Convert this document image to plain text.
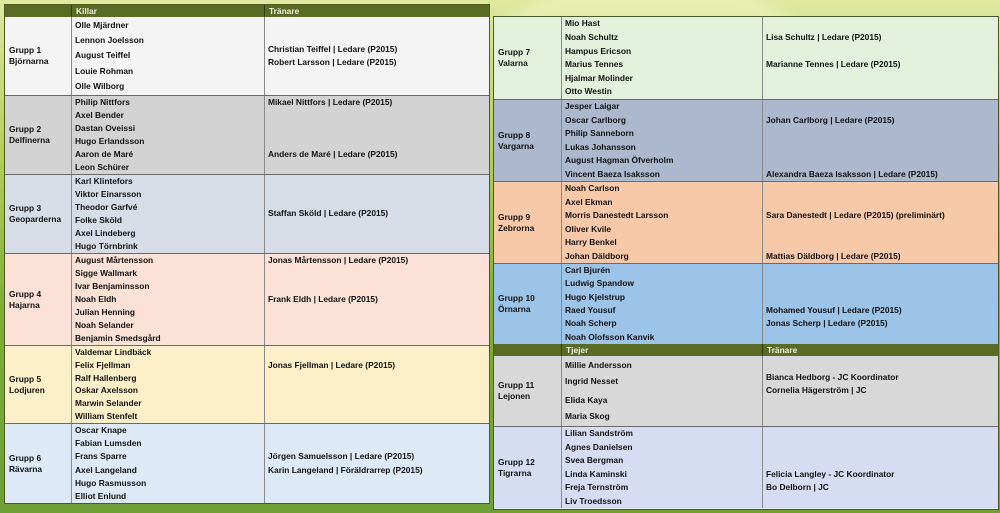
Killar	Tränare
Grupp 1
Björnarna
Olle Mjärdner
Lennon Joelsson
August Teiffel
Louie Rohman
Olle Wilborg
Christian Teiffel | Ledare (P2015)
Robert Larsson | Ledare (P2015)
Grupp 2
Delfinerna
Philip Nittfors
Axel Bender
Dastan Oveissi
Hugo Erlandsson
Aaron de Maré
Leon Schürer
Mikael Nittfors | Ledare (P2015)

Anders de Maré | Ledare (P2015)

Grupp 3
Geoparderna
Karl Klintefors
Viktor Einarsson
Theodor Garfvé
Folke Sköld
Axel Lindeberg
Hugo Törnbrink
Staffan Sköld | Ledare (P2015)
Grupp 4
Hajarna
August Mårtensson
Sigge Wallmark
Ivar Benjaminsson
Noah Eldh
Julian Henning
Noah Selander
Benjamin Smedsgård
Jonas Mårtensson | Ledare (P2015)

Frank Eldh | Ledare (P2015)

Grupp 5
Lodjuren
Valdemar Lindbäck
Felix Fjellman
Ralf Hallenberg
Oskar Axelsson
Marwin Selander
William Stenfelt

Jonas Fjellman | Ledare (P2015)

Grupp 6
Rävarna
Oscar Knape
Fabian Lumsden
Frans Sparre
Axel Langeland
Hugo Rasmusson
Elliot Enlund
Jörgen Samuelsson | Ledare (P2015)
Karin Langeland | Föräldrarrep (P2015)
Grupp 7
Valarna
Mio Hast
Noah Schultz
Hampus Ericson
Marius Tennes
Hjalmar Molinder
Otto Westin

Lisa Schultz | Ledare (P2015)

Marianne Tennes | Ledare (P2015)

Grupp 8
Vargarna
Jesper Laigar
Oscar Carlborg
Philip Sanneborn
Lukas Johansson
August Hagman Öfverholm
Vincent Baeza Isaksson

Johan Carlborg | Ledare (P2015)

Alexandra Baeza Isaksson | Ledare (P2015)
Grupp 9
Zebrorna
Noah Carlson
Axel Ekman
Morris Danestedt Larsson
Oliver Kvile
Harry Benkel
Johan Däldborg

Sara Danestedt | Ledare (P2015) (preliminärt)

Mattias Däldborg | Ledare (P2015)
Grupp 10
Örnarna
Carl Bjurén
Ludwig Spandow
Hugo Kjelstrup
Raed Yousuf
Noah Scherp
Noah Olofsson Kanvik

Mohamed Yousuf | Ledare (P2015)
Jonas Scherp | Ledare (P2015)

Tjejer	Tränare
Grupp 11
Lejonen
Millie Andersson
Ingrid Nesset
Elida Kaya
Maria Skog

Bianca Hedborg - JC Koordinator
Cornelia Hägerström | JC

Grupp 12
Tigrarna
Lilian Sandström
Agnes Danielsen
Svea Bergman
Linda Kaminski
Freja Ternström
Liv Troedsson

Felicia Langley - JC Koordinator
Bo Delborn | JC
